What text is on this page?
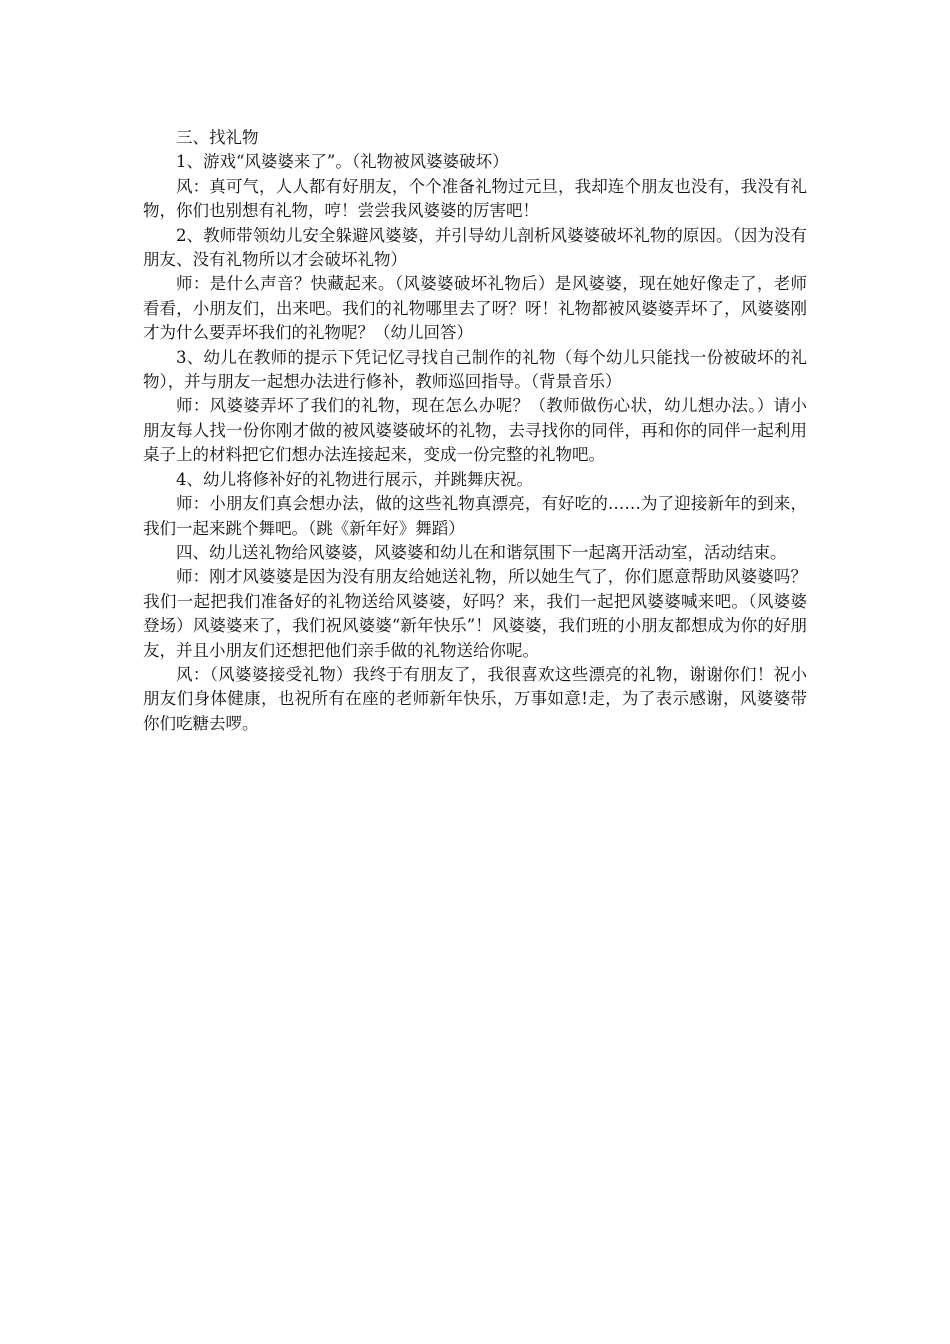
三、找礼物

1、游戏“风婆婆来了”。（礼物被风婆婆破坏）

风：真可气，人人都有好朋友，个个准备礼物过元旦，我却连个朋友也没有，我没有礼物，你们也别想有礼物，哼！尝尝我风婆婆的厉害吧！

2、教师带领幼儿安全躲避风婆婆，并引导幼儿剖析风婆婆破坏礼物的原因。（因为没有朋友、没有礼物所以才会破坏礼物）

师：是什么声音？快藏起来。（风婆婆破坏礼物后）是风婆婆，现在她好像走了，老师看看，小朋友们，出来吧。我们的礼物哪里去了呀？呀！礼物都被风婆婆弄坏了，风婆婆刚才为什么要弄坏我们的礼物呢？（幼儿回答）

3、幼儿在教师的提示下凭记忆寻找自己制作的礼物（每个幼儿只能找一份被破坏的礼物），并与朋友一起想办法进行修补，教师巡回指导。（背景音乐）

师：风婆婆弄坏了我们的礼物，现在怎么办呢？（教师做伤心状，幼儿想办法。）请小朋友每人找一份你刚才做的被风婆婆破坏的礼物，去寻找你的同伴，再和你的同伴一起利用桌子上的材料把它们想办法连接起来，变成一份完整的礼物吧。

4、幼儿将修补好的礼物进行展示，并跳舞庆祝。

师：小朋友们真会想办法，做的这些礼物真漂亮，有好吃的……为了迎接新年的到来，我们一起来跳个舞吧。（跳《新年好》舞蹈）

四、幼儿送礼物给风婆婆，风婆婆和幼儿在和谐氛围下一起离开活动室，活动结束。

师：刚才风婆婆是因为没有朋友给她送礼物，所以她生气了，你们愿意帮助风婆婆吗？我们一起把我们准备好的礼物送给风婆婆，好吗？来，我们一起把风婆婆喊来吧。（风婆婆登场）风婆婆来了，我们祝风婆婆“新年快乐”！风婆婆，我们班的小朋友都想成为你的好朋友，并且小朋友们还想把他们亲手做的礼物送给你呢。

风：（风婆婆接受礼物）我终于有朋友了，我很喜欢这些漂亮的礼物，谢谢你们！祝小朋友们身体健康，也祝所有在座的老师新年快乐，万事如意!走，为了表示感谢，风婆婆带你们吃糖去啰。
